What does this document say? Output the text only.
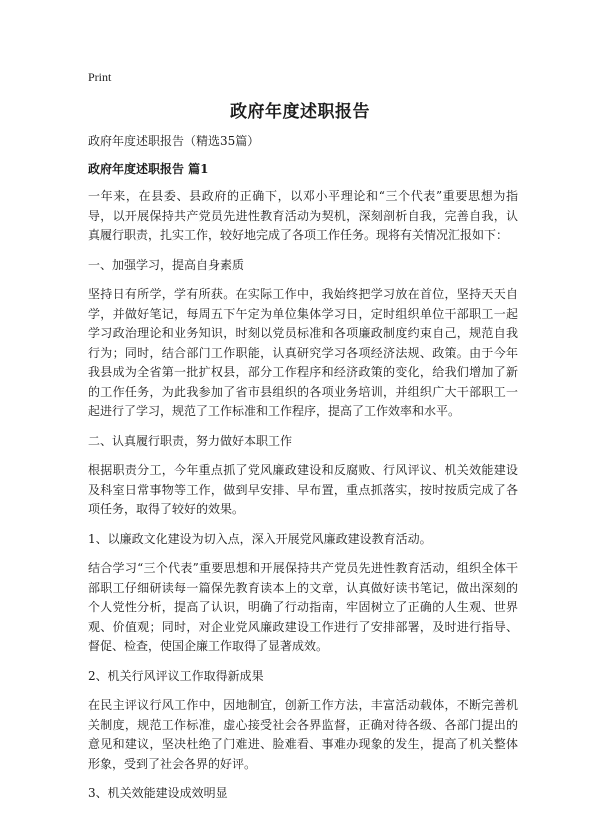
Print
政府年度述职报告

政府年度述职报告（精选35篇）

政府年度述职报告 篇1

一年来，在县委、县政府的正确下，以邓小平理论和“三个代表”重要思想为指导，以开展保持共产党员先进性教育活动为契机，深刻剖析自我，完善自我，认真履行职责，扎实工作，较好地完成了各项工作任务。现将有关情况汇报如下：

一、加强学习，提高自身素质

坚持日有所学，学有所获。在实际工作中，我始终把学习放在首位，坚持天天自学，并做好笔记，每周五下午定为单位集体学习日，定时组织单位干部职工一起学习政治理论和业务知识，时刻以党员标准和各项廉政制度约束自己，规范自我行为；同时，结合部门工作职能，认真研究学习各项经济法规、政策。由于今年我县成为全省第一批扩权县，部分工作程序和经济政策的变化，给我们增加了新的工作任务，为此我参加了省市县组织的各项业务培训，并组织广大干部职工一起进行了学习，规范了工作标准和工作程序，提高了工作效率和水平。

二、认真履行职责，努力做好本职工作

根据职责分工，今年重点抓了党风廉政建设和反腐败、行风评议、机关效能建设及科室日常事物等工作，做到早安排、早布置，重点抓落实，按时按质完成了各项任务，取得了较好的效果。

1、以廉政文化建设为切入点，深入开展党风廉政建设教育活动。

结合学习“三个代表”重要思想和开展保持共产党员先进性教育活动，组织全体干部职工仔细研读每一篇保先教育读本上的文章，认真做好读书笔记，做出深刻的个人党性分析，提高了认识，明确了行动指南，牢固树立了正确的人生观、世界观、价值观；同时，对企业党风廉政建设工作进行了安排部署，及时进行指导、督促、检查，使国企廉工作取得了显著成效。

2、机关行风评议工作取得新成果

在民主评议行风工作中，因地制宜，创新工作方法，丰富活动载体，不断完善机关制度，规范工作标准，虚心接受社会各界监督，正确对待各级、各部门提出的意见和建议，坚决杜绝了门难进、脸难看、事难办现象的发生，提高了机关整体形象，受到了社会各界的好评。

3、机关效能建设成效明显
